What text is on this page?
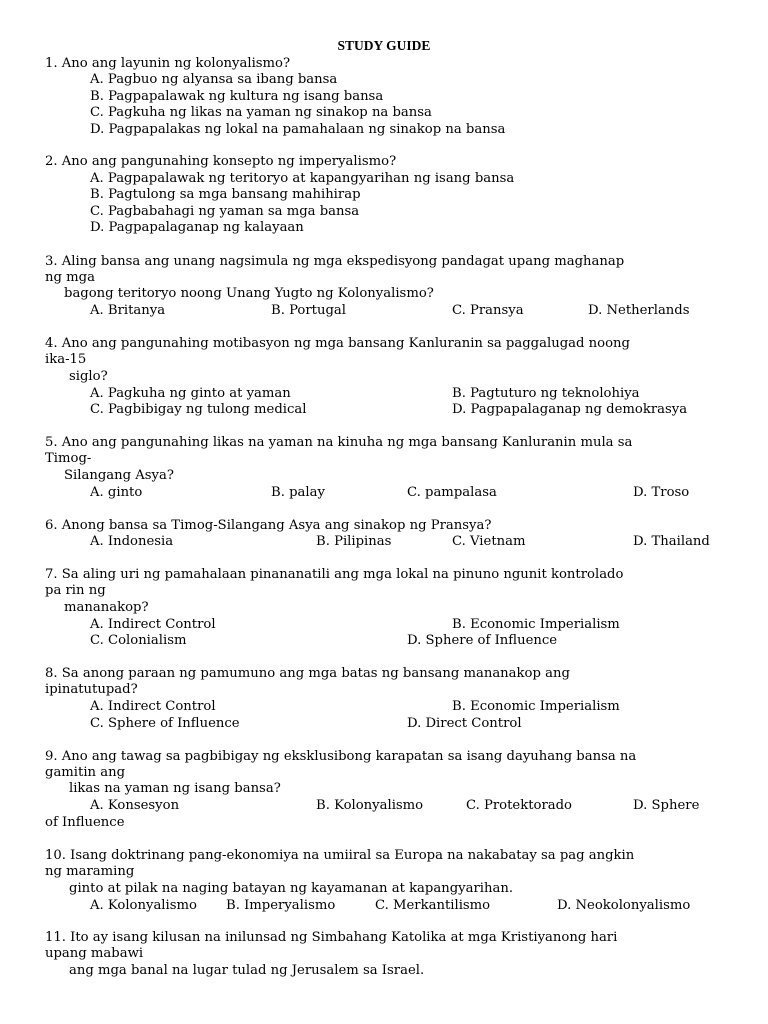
STUDY GUIDE
1. Ano ang layunin ng kolonyalismo?
A. Pagbuo ng alyansa sa ibang bansa
B. Pagpapalawak ng kultura ng isang bansa
C. Pagkuha ng likas na yaman ng sinakop na bansa
D. Pagpapalakas ng lokal na pamahalaan ng sinakop na bansa
2. Ano ang pangunahing konsepto ng imperyalismo?
A. Pagpapalawak ng teritoryo at kapangyarihan ng isang bansa
B. Pagtulong sa mga bansang mahihirap
C. Pagbabahagi ng yaman sa mga bansa
D. Pagpapalaganap ng kalayaan
3. Aling bansa ang unang nagsimula ng mga ekspedisyong pandagat upang maghanap
ng mga
bagong teritoryo noong Unang Yugto ng Kolonyalismo?
A. Britanya	B. Portugal	C. Pransya	D. Netherlands
4. Ano ang pangunahing motibasyon ng mga bansang Kanluranin sa paggalugad noong
ika-15
siglo?
A. Pagkuha ng ginto at yaman	B. Pagtuturo ng teknolohiya
C. Pagbibigay ng tulong medical	D. Pagpapalaganap ng demokrasya
5. Ano ang pangunahing likas na yaman na kinuha ng mga bansang Kanluranin mula sa
Timog-
Silangang Asya?
A. ginto	B. palay	C. pampalasa	D. Troso
6. Anong bansa sa Timog-Silangang Asya ang sinakop ng Pransya?
A. Indonesia	B. Pilipinas	C. Vietnam	D. Thailand
7. Sa aling uri ng pamahalaan pinananatili ang mga lokal na pinuno ngunit kontrolado
pa rin ng
mananakop?
A. Indirect Control	B. Economic Imperialism
C. Colonialism	D. Sphere of Influence
8. Sa anong paraan ng pamumuno ang mga batas ng bansang mananakop ang
ipinatutupad?
A. Indirect Control	B. Economic Imperialism
C. Sphere of Influence	D. Direct Control
9. Ano ang tawag sa pagbibigay ng eksklusibong karapatan sa isang dayuhang bansa na
gamitin ang
likas na yaman ng isang bansa?
A. Konsesyon	B. Kolonyalismo	C. Protektorado	D. Sphere
of Influence
10. Isang doktrinang pang-ekonomiya na umiiral sa Europa na nakabatay sa pag angkin
ng maraming
ginto at pilak na naging batayan ng kayamanan at kapangyarihan.
A. Kolonyalismo B. Imperyalismo	C. Merkantilismo	D. Neokolonyalismo
11. Ito ay isang kilusan na inilunsad ng Simbahang Katolika at mga Kristiyanong hari
upang mabawi
ang mga banal na lugar tulad ng Jerusalem sa Israel.
